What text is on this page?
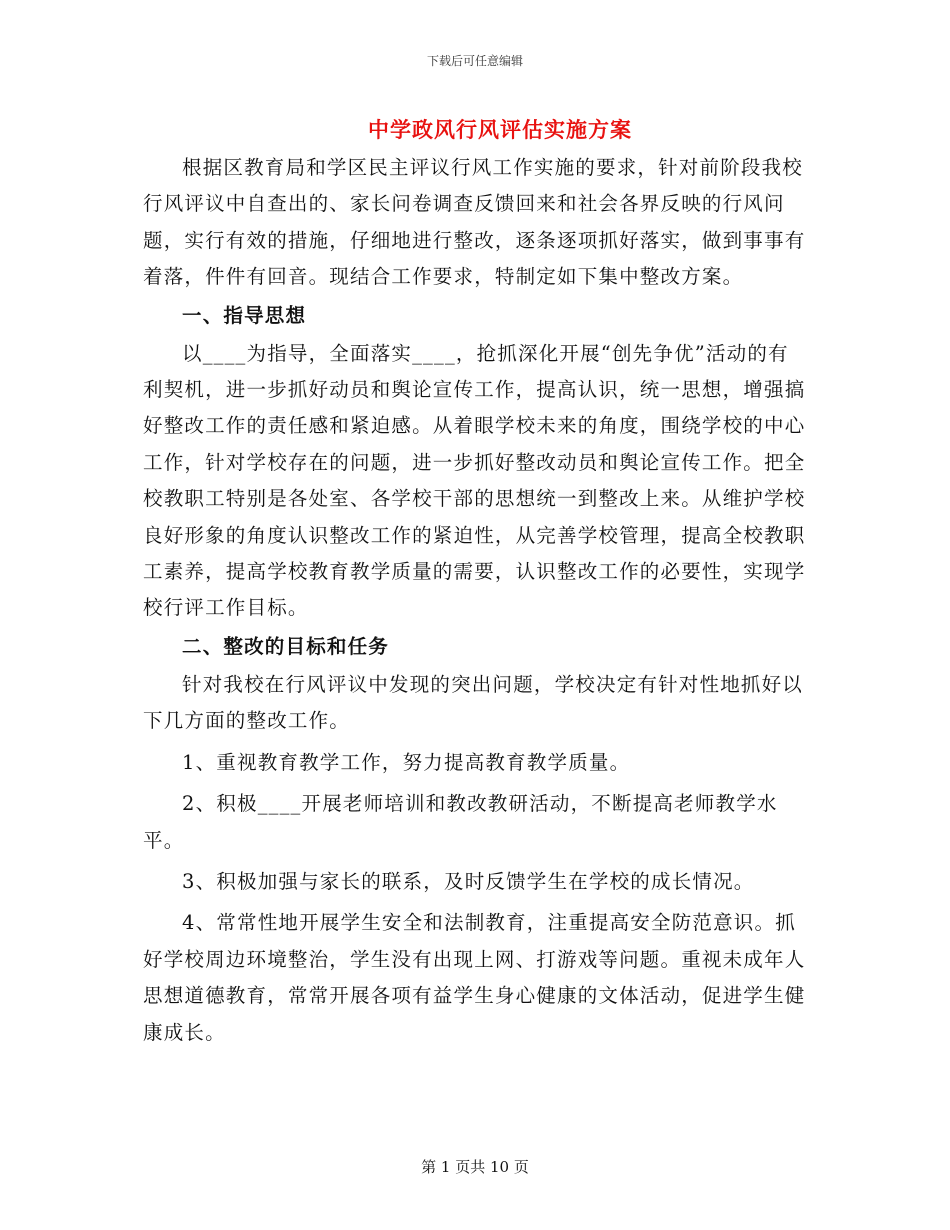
下载后可任意编辑
中学政风行风评估实施方案

根据区教育局和学区民主评议行风工作实施的要求，针对前阶段我校行风评议中自查出的、家长问卷调查反馈回来和社会各界反映的行风问题，实行有效的措施，仔细地进行整改，逐条逐项抓好落实，做到事事有着落，件件有回音。现结合工作要求，特制定如下集中整改方案。

一、指导思想

以____为指导，全面落实____，抢抓深化开展“创先争优”活动的有利契机，进一步抓好动员和舆论宣传工作，提高认识，统一思想，增强搞好整改工作的责任感和紧迫感。从着眼学校未来的角度，围绕学校的中心工作，针对学校存在的问题，进一步抓好整改动员和舆论宣传工作。把全校教职工特别是各处室、各学校干部的思想统一到整改上来。从维护学校良好形象的角度认识整改工作的紧迫性，从完善学校管理，提高全校教职工素养，提高学校教育教学质量的需要，认识整改工作的必要性，实现学校行评工作目标。

二、整改的目标和任务

针对我校在行风评议中发现的突出问题，学校决定有针对性地抓好以下几方面的整改工作。

1、重视教育教学工作，努力提高教育教学质量。

2、积极____开展老师培训和教改教研活动，不断提高老师教学水平。

3、积极加强与家长的联系，及时反馈学生在学校的成长情况。

4、常常性地开展学生安全和法制教育，注重提高安全防范意识。抓好学校周边环境整治，学生没有出现上网、打游戏等问题。重视未成年人思想道德教育，常常开展各项有益学生身心健康的文体活动，促进学生健康成长。

第 1 页共 10 页
